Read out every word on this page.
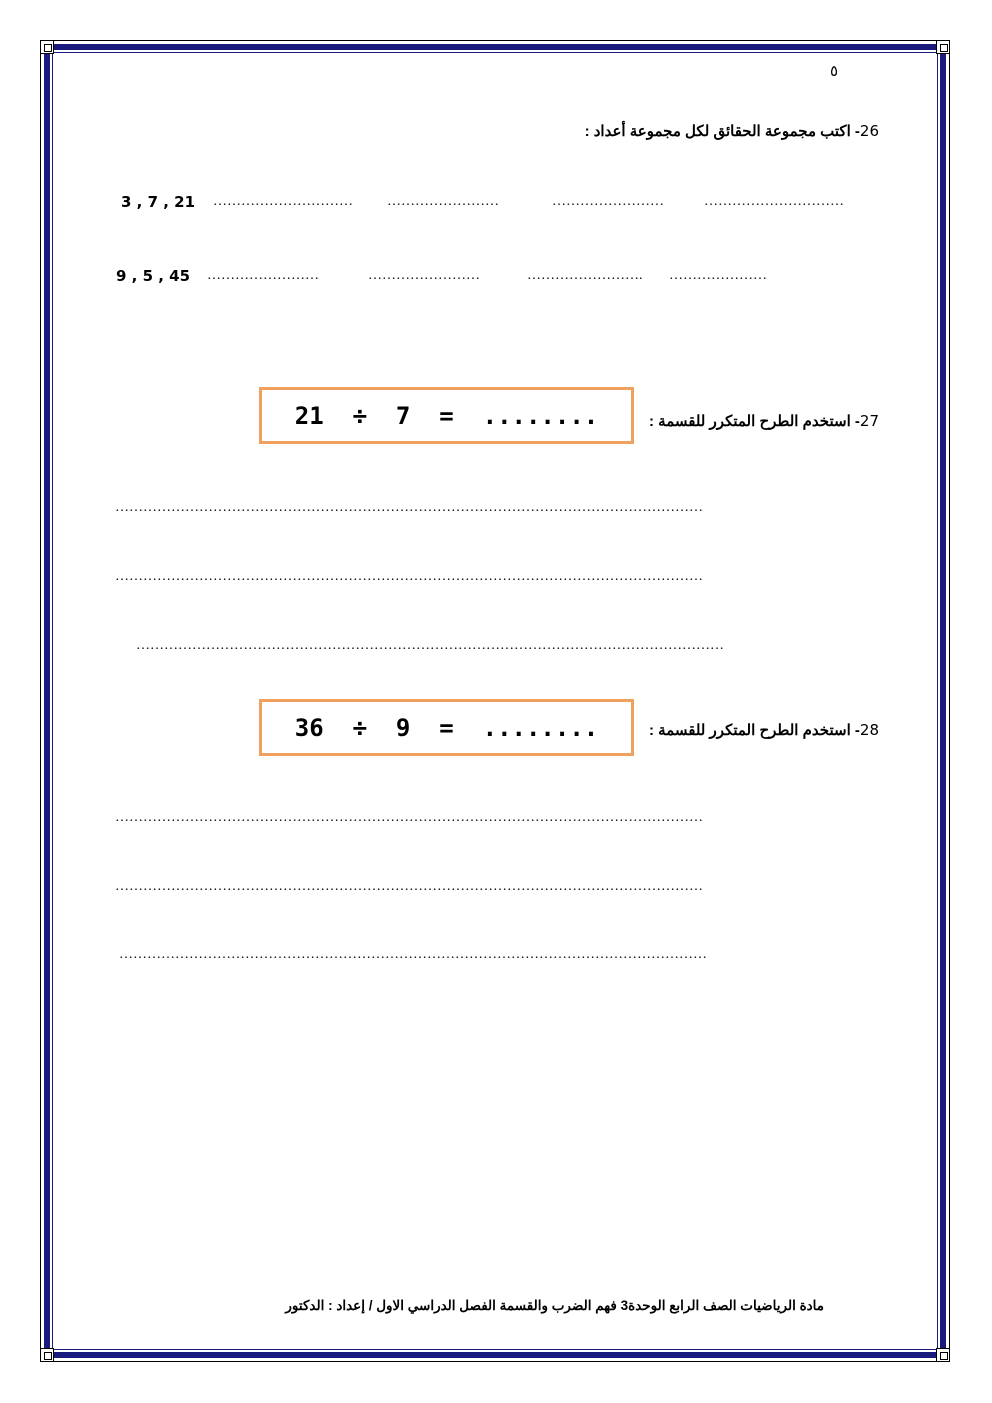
٥
26- اكتب مجموعة الحقائق لكل مجموعة أعداد :
3 , 7 , 21 …………………………	……………………	……………………	…………………………
9 , 5 , 45 ……………………	……………………	……………………. …………………
21  ÷  7  =  ........	27- استخدم الطرح المتكرر للقسمة :
………………………………………………………………………………………………………………
………………………………………………………………………………………………………………
………………………………………………………………………………………………………………
36  ÷  9  =  ........	28- استخدم الطرح المتكرر للقسمة :
………………………………………………………………………………………………………………
………………………………………………………………………………………………………………
………………………………………………………………………………………………………………
مادة الرياضيات الصف الرابع الوحدة3 فهم الضرب والقسمة الفصل الدراسي الاول / إعداد : الدكتور
